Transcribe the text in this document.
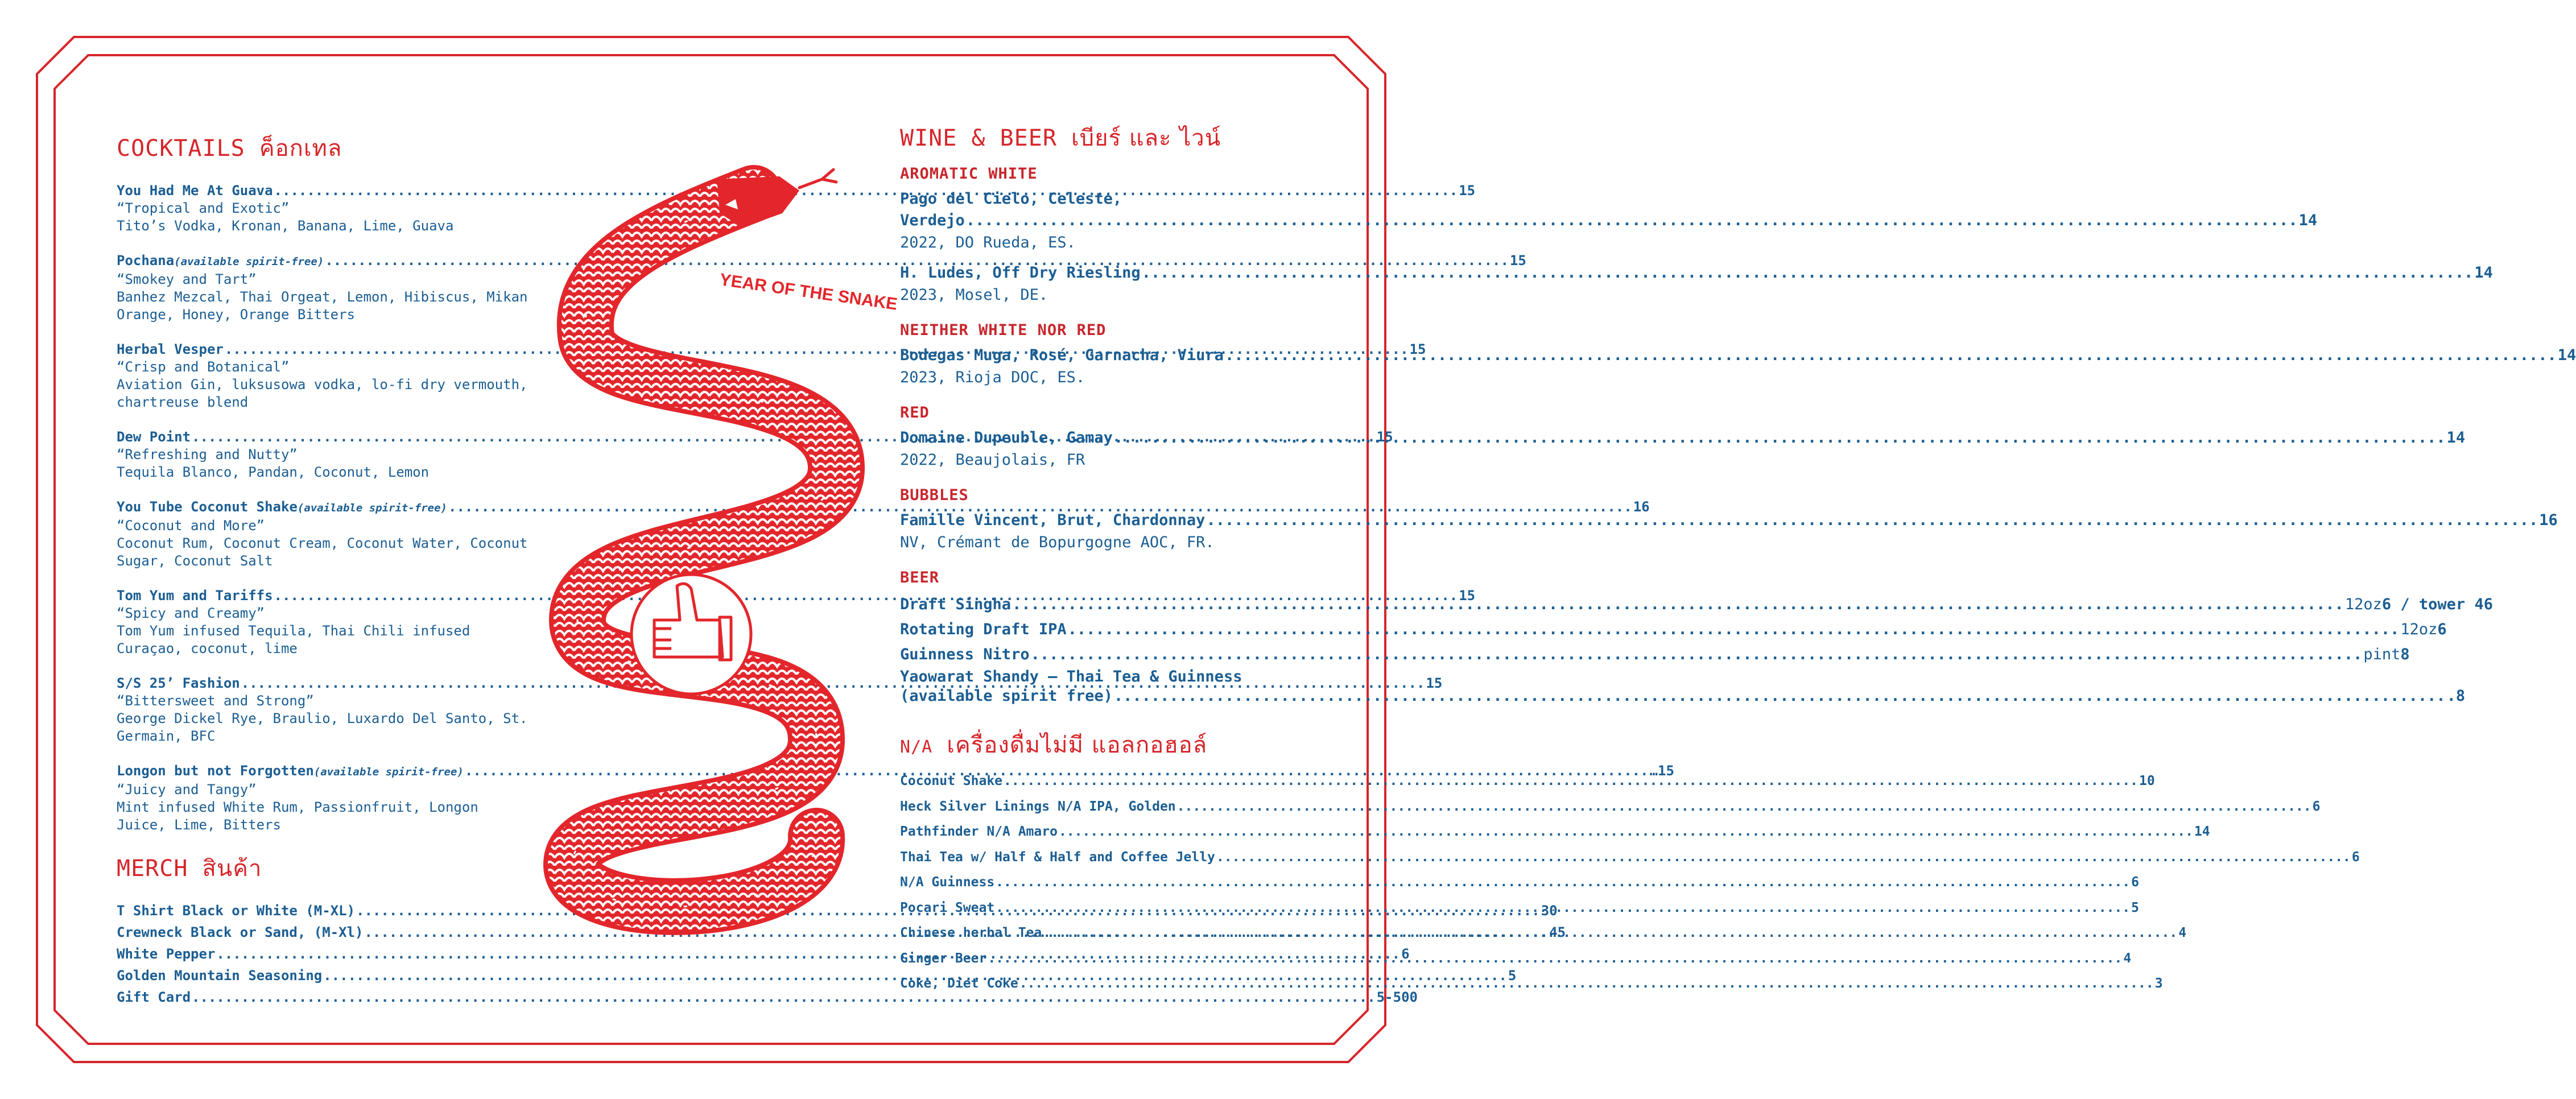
COCKTAILS ค็อกเทล
You Had Me At Guava .....	15
“Tropical and Exotic”
Tito’s Vodka, Kronan, Banana, Lime, Guava
Pochana (available spirit-free) .....	15
“Smokey and Tart”
Banhez Mezcal, Thai Orgeat, Lemon, Hibiscus, Mikan Orange, Honey, Orange Bitters
Herbal Vesper .....	15
“Crisp and Botanical”
Aviation Gin, luksusowa vodka, lo-fi dry vermouth, chartreuse blend
Dew Point .....	15
“Refreshing and Nutty”
Tequila Blanco, Pandan, Coconut, Lemon
You Tube Coconut Shake (available spirit-free) .....	16
“Coconut and More”
Coconut Rum, Coconut Cream, Coconut Water, Coconut Sugar, Coconut Salt
Tom Yum and Tariffs .....	15
“Spicy and Creamy”
Tom Yum infused Tequila, Thai Chili infused Curaçao, coconut, lime
S/S 25’ Fashion .....	15
“Bittersweet and Strong”
George Dickel Rye, Braulio, Luxardo Del Santo, St. Germain, BFC
Longon but not Forgotten (available spirit-free) .....	…15
“Juicy and Tangy”
Mint infused White Rum, Passionfruit, Longon Juice, Lime, Bitters
MERCH สินค้า
T Shirt Black or White (M-XL) .....	30
Crewneck Black or Sand, (M-Xl) .....	45
White Pepper .....	6
Golden Mountain Seasoning .....	5
Gift Card .....	5-500
YEAR OF THE SNAKE
WINE & BEER เบียร์ และ ไวน์
AROMATIC WHITE
Pago del Cielo, Celeste,
Verdejo .....	14
2022, DO Rueda, ES.
H. Ludes, Off Dry Riesling .....	14
2023, Mosel, DE.
NEITHER WHITE NOR RED
Bodegas Muga, Rosé, Garnacha, Viura .....	14
2023, Rioja DOC, ES.
RED
Domaine Dupeuble, Gamay .....	14
2022, Beaujolais, FR
BUBBLES
Famille Vincent, Brut, Chardonnay .....	16
NV, Crémant de Bopurgogne AOC, FR.
BEER
Draft Singha .....	12oz 6 / tower 46
Rotating Draft IPA .....	12oz 6
Guinness Nitro .....	pint 8
Yaowarat Shandy — Thai Tea & Guinness
(available spirit free) .....	.8
N/A เครื่องดื่มไม่มี แอลกอฮอล์
Coconut Shake .....	10
Heck Silver Linings N/A IPA, Golden .....	6
Pathfinder N/A Amaro .....	14
Thai Tea w/ Half & Half and Coffee Jelly .....	6
N/A Guinness .....	6
Pocari Sweat .....	5
Chinese herbal Tea .....	4
Ginger Beer .....	4
Coke, Diet Coke .....	3
